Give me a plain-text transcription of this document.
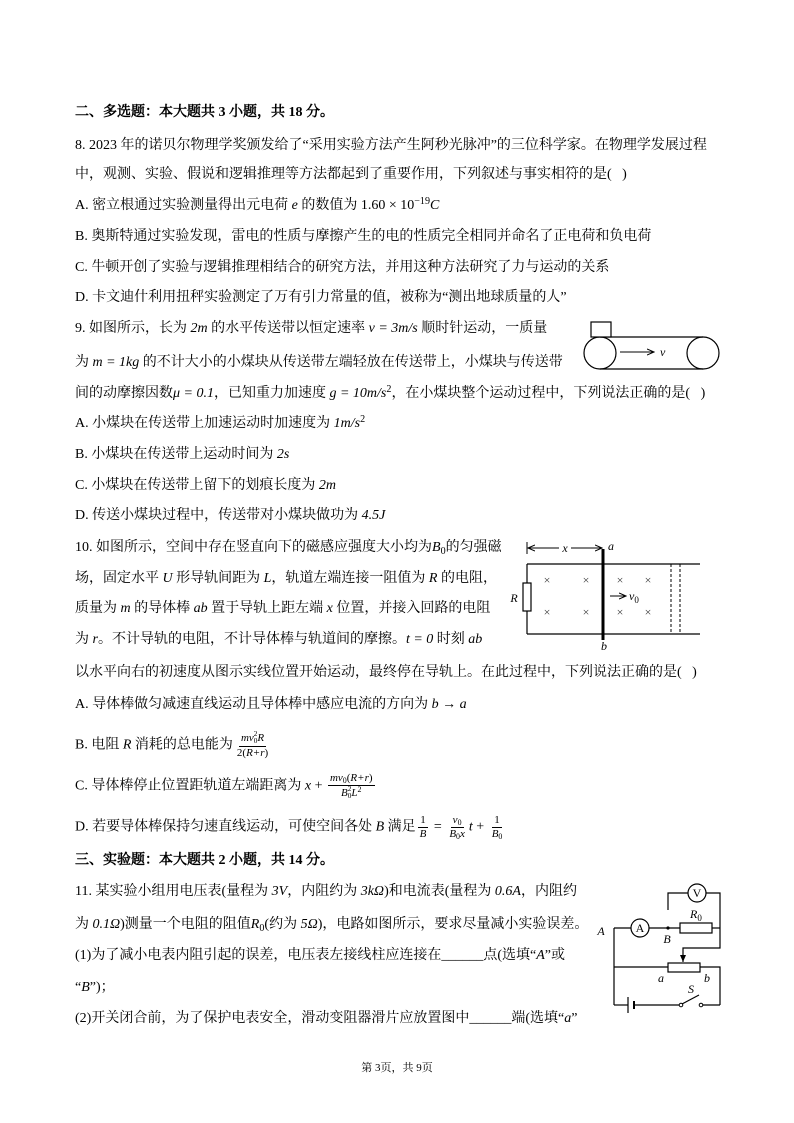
二、多选题：本大题共 3 小题，共 18 分。
8. 2023 年的诺贝尔物理学奖颁发给了“采用实验方法产生阿秒光脉冲”的三位科学家。在物理学发展过程
中，观测、实验、假说和逻辑推理等方法都起到了重要作用，下列叙述与事实相符的是(   )
A. 密立根通过实验测量得出元电荷 e 的数值为 $1.60 \times 10^{-19}C$
B. 奥斯特通过实验发现，雷电的性质与摩擦产生的电的性质完全相同并命名了正电荷和负电荷
C. 牛顿开创了实验与逻辑推理相结合的研究方法，并用这种方法研究了力与运动的关系
D. 卡文迪什利用扭秤实验测定了万有引力常量的值，被称为“测出地球质量的人”
9. 如图所示，长为 2m 的水平传送带以恒定速率 v = 3m/s 顺时针运动，一质量
为 m = 1kg 的不计大小的小煤块从传送带左端轻放在传送带上，小煤块与传送带
间的动摩擦因数μ = 0.1，已知重力加速度 $g = 10m/s^2$，在小煤块整个运动过程中，下列说法正确的是(   )
A. 小煤块在传送带上加速运动时加速度为 $1m/s^2$
B. 小煤块在传送带上运动时间为 2s
C. 小煤块在传送带上留下的划痕长度为 2m
D. 传送小煤块过程中，传送带对小煤块做功为 4.5J
v
10. 如图所示，空间中存在竖直向下的磁感应强度大小均为$B_0$的匀强磁
场，固定水平 U 形导轨间距为 L，轨道左端连接一阻值为 R 的电阻，
质量为 m 的导体棒 ab 置于导轨上距左端 x 位置，并接入回路的电阻
为 r。不计导轨的电阻，不计导体棒与轨道间的摩擦。t = 0 时刻 ab
以水平向右的初速度从图示实线位置开始运动，最终停在导轨上。在此过程中，下列说法正确的是(   )
A. 导体棒做匀减速直线运动且导体棒中感应电流的方向为 b → a
B. 电阻 R 消耗的总电能为 mv 2
0 R
2(R+r)
C. 导体棒停止位置距轨道左端距离为 $x + mv_0(R+r)$
B 2
0 $L^2$
D. 若要导体棒保持匀速直线运动，可使空间各处 B 满足 $\frac{1}{B} = \frac{v_0}{B_0x}$ $t + \frac{1}{B_0}$
x
R
×	× × ×
×	× × ×
a
b
$v_0$
三、实验题：本大题共 2 小题，共 14 分。
11. 某实验小组用电压表(量程为 3V，内阻约为 3kΩ)和电流表(量程为 0.6A，内阻约
为 0.1Ω)测量一个电阻的阻值$R_0$(约为 5Ω)，电路如图所示，要求尽量减小实验误差。
(1)为了减小电表内阻引起的误差，电压表左接线柱应连接在______点(选填“A”或
“B”)；
(2)开关闭合前，为了保护电表安全，滑动变阻器滑片应放置图中______端(选填“a”
V
A
$R_0$
A
B
a	b
S
第 3页，共 9页
